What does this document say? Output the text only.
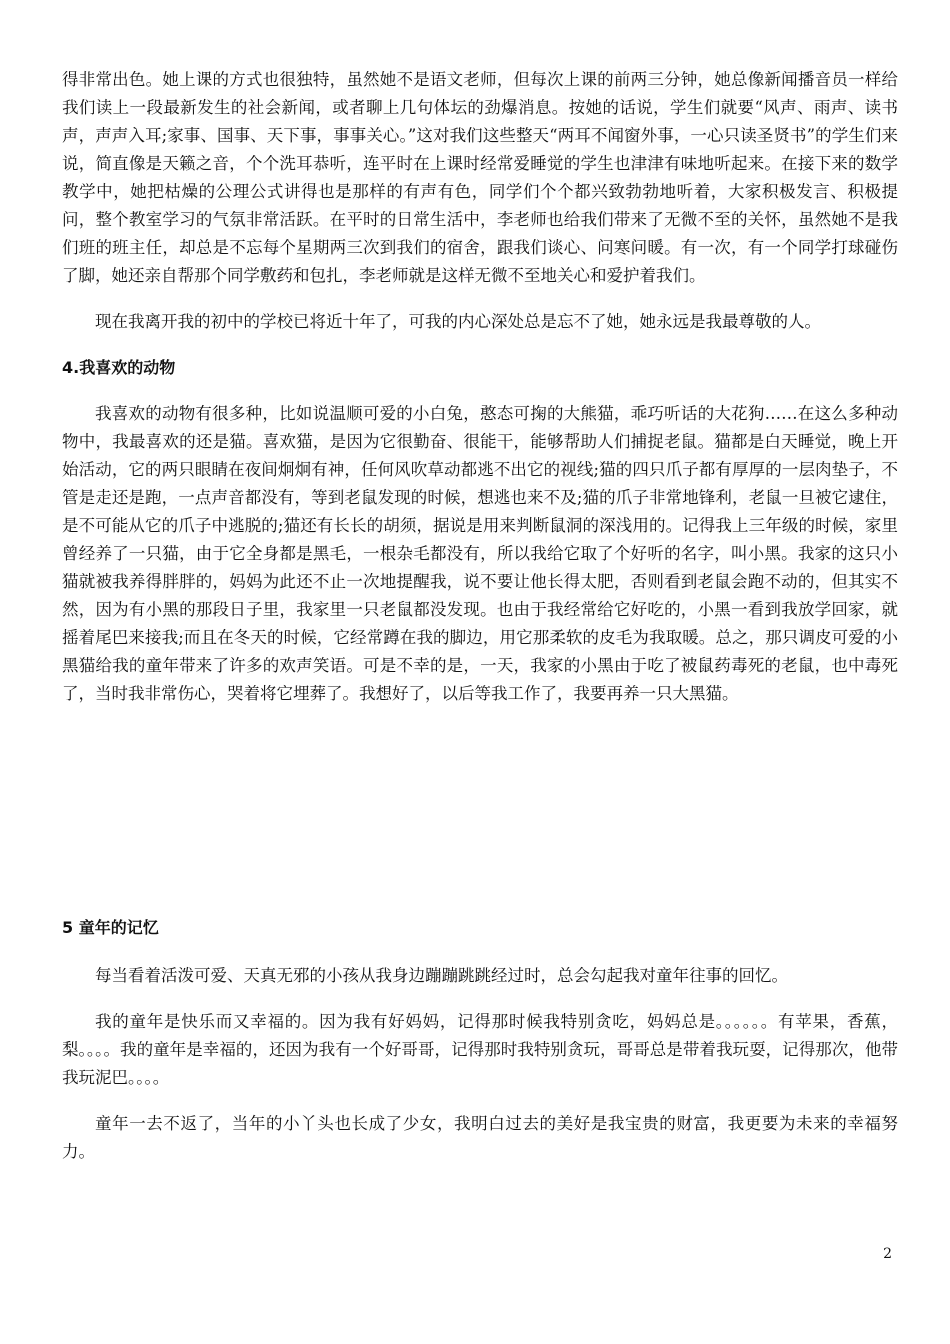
得非常出色。她上课的方式也很独特，虽然她不是语文老师，但每次上课的前两三分钟，她总像新闻播音员一样给我们读上一段最新发生的社会新闻，或者聊上几句体坛的劲爆消息。按她的话说，学生们就要“风声、雨声、读书声，声声入耳;家事、国事、天下事，事事关心。”这对我们这些整天“两耳不闻窗外事，一心只读圣贤书”的学生们来说，简直像是天籁之音，个个洗耳恭听，连平时在上课时经常爱睡觉的学生也津津有味地听起来。在接下来的数学教学中，她把枯燥的公理公式讲得也是那样的有声有色，同学们个个都兴致勃勃地听着，大家积极发言、积极提问，整个教室学习的气氛非常活跃。在平时的日常生活中，李老师也给我们带来了无微不至的关怀，虽然她不是我们班的班主任，却总是不忘每个星期两三次到我们的宿舍，跟我们谈心、问寒问暖。有一次，有一个同学打球碰伤了脚，她还亲自帮那个同学敷药和包扎，李老师就是这样无微不至地关心和爱护着我们。

现在我离开我的初中的学校已将近十年了，可我的内心深处总是忘不了她，她永远是我最尊敬的人。

4.我喜欢的动物

我喜欢的动物有很多种，比如说温顺可爱的小白兔，憨态可掬的大熊猫，乖巧听话的大花狗……在这么多种动物中，我最喜欢的还是猫。喜欢猫，是因为它很勤奋、很能干，能够帮助人们捕捉老鼠。猫都是白天睡觉，晚上开始活动，它的两只眼睛在夜间炯炯有神，任何风吹草动都逃不出它的视线;猫的四只爪子都有厚厚的一层肉垫子，不管是走还是跑，一点声音都没有，等到老鼠发现的时候，想逃也来不及;猫的爪子非常地锋利，老鼠一旦被它逮住，是不可能从它的爪子中逃脱的;猫还有长长的胡须，据说是用来判断鼠洞的深浅用的。记得我上三年级的时候，家里曾经养了一只猫，由于它全身都是黑毛，一根杂毛都没有，所以我给它取了个好听的名字，叫小黑。我家的这只小猫就被我养得胖胖的，妈妈为此还不止一次地提醒我，说不要让他长得太肥，否则看到老鼠会跑不动的，但其实不然，因为有小黑的那段日子里，我家里一只老鼠都没发现。也由于我经常给它好吃的，小黑一看到我放学回家，就摇着尾巴来接我;而且在冬天的时候，它经常蹲在我的脚边，用它那柔软的皮毛为我取暖。总之，那只调皮可爱的小黑猫给我的童年带来了许多的欢声笑语。可是不幸的是，一天，我家的小黑由于吃了被鼠药毒死的老鼠，也中毒死了，当时我非常伤心，哭着将它埋葬了。我想好了，以后等我工作了，我要再养一只大黑猫。

5 童年的记忆

每当看着活泼可爱、天真无邪的小孩从我身边蹦蹦跳跳经过时，总会勾起我对童年往事的回忆。

我的童年是快乐而又幸福的。因为我有好妈妈，记得那时候我特别贪吃，妈妈总是。。。。。。有苹果，香蕉，梨。。。。我的童年是幸福的，还因为我有一个好哥哥，记得那时我特别贪玩，哥哥总是带着我玩耍，记得那次，他带我玩泥巴。。。。

童年一去不返了，当年的小丫头也长成了少女，我明白过去的美好是我宝贵的财富，我更要为未来的幸福努力。

2
